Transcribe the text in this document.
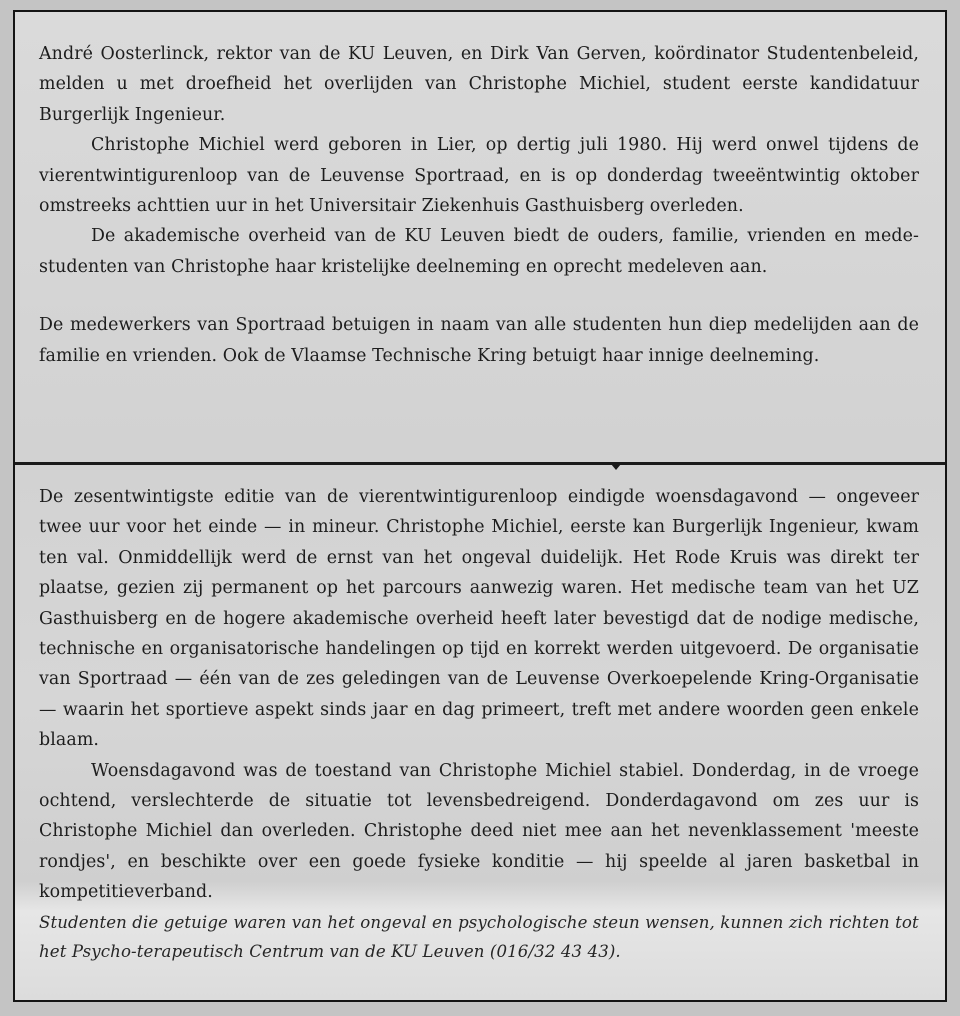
André Oosterlinck, rektor van de KU Leuven, en Dirk Van Gerven, koördinator Studentenbeleid, melden u met droefheid het overlijden van Christophe Michiel, student eerste kandidatuur Burgerlijk Ingenieur.

Christophe Michiel werd geboren in Lier, op dertig juli 1980. Hij werd onwel tijdens de vierentwintigurenloop van de Leuvense Sportraad, en is op donderdag tweeëntwintig oktober omstreeks achttien uur in het Universitair Ziekenhuis Gasthuisberg overleden.

De akademische overheid van de KU Leuven biedt de ouders, familie, vrienden en mede-studenten van Christophe haar kristelijke deelneming en oprecht medeleven aan.

De medewerkers van Sportraad betuigen in naam van alle studenten hun diep medelijden aan de familie en vrienden. Ook de Vlaamse Technische Kring betuigt haar innige deelneming.

De zesentwintigste editie van de vierentwintigurenloop eindigde woensdagavond — ongeveer twee uur voor het einde — in mineur. Christophe Michiel, eerste kan Burgerlijk Ingenieur, kwam ten val. Onmiddellijk werd de ernst van het ongeval duidelijk. Het Rode Kruis was direkt ter plaatse, gezien zij permanent op het parcours aanwezig waren. Het medische team van het UZ Gasthuisberg en de hogere akademische overheid heeft later bevestigd dat de nodige medische, technische en organisatorische handelingen op tijd en korrekt werden uitgevoerd. De organisatie van Sportraad — één van de zes geledingen van de Leuvense Overkoepelende Kring-Organisatie — waarin het sportieve aspekt sinds jaar en dag primeert, treft met andere woorden geen enkele blaam.

Woensdagavond was de toestand van Christophe Michiel stabiel. Donderdag, in de vroege ochtend, verslechterde de situatie tot levensbedreigend. Donderdagavond om zes uur is Christophe Michiel dan overleden. Christophe deed niet mee aan het nevenklassement 'meeste rondjes', en beschikte over een goede fysieke konditie — hij speelde al jaren basketbal in kompetitieverband.

Studenten die getuige waren van het ongeval en psychologische steun wensen, kunnen zich richten tot het Psycho-terapeutisch Centrum van de KU Leuven (016/32 43 43).
